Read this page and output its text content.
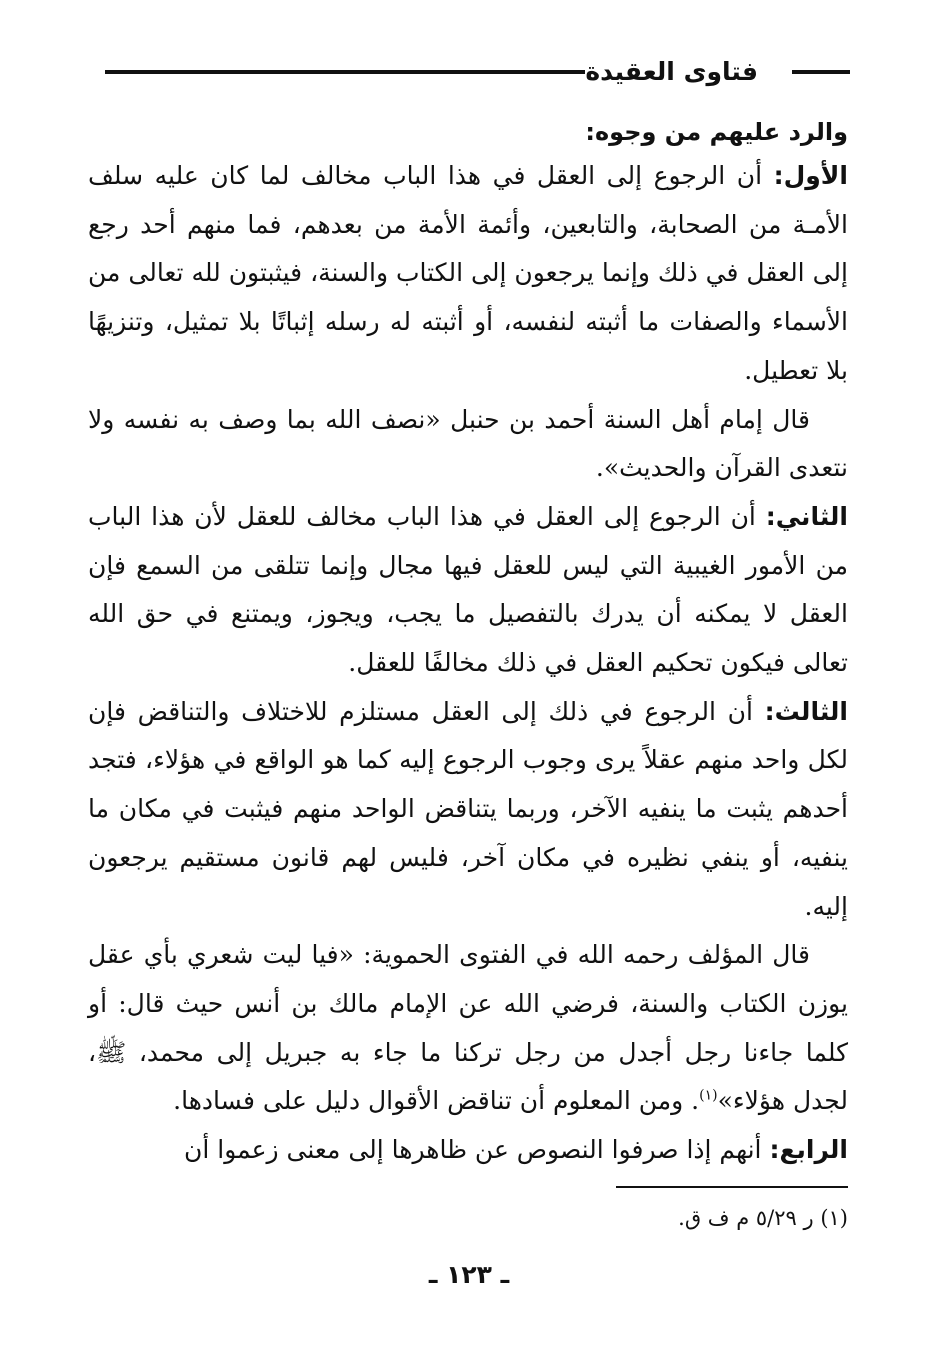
فتاوى العقيدة
والرد عليهم من وجوه:

الأول: أن الرجوع إلى العقل في هذا الباب مخالف لما كان عليه سلف الأمـة من الصحابة، والتابعين، وأئمة الأمة من بعدهم، فما منهم أحد رجع إلى العقل في ذلك وإنما يرجعون إلى الكتاب والسنة، فيثبتون لله تعالى من الأسماء والصفات ما أثبته لنفسه، أو أثبته له رسله إثباتًا بلا تمثيل، وتنزيهًا بلا تعطيل.

قال إمام أهل السنة أحمد بن حنبل «نصف الله بما وصف به نفسه ولا نتعدى القرآن والحديث».

الثاني: أن الرجوع إلى العقل في هذا الباب مخالف للعقل لأن هذا الباب من الأمور الغيبية التي ليس للعقل فيها مجال وإنما تتلقى من السمع فإن العقل لا يمكنه أن يدرك بالتفصيل ما يجب، ويجوز، ويمتنع في حق الله تعالى فيكون تحكيم العقل في ذلك مخالفًا للعقل.

الثالث: أن الرجوع في ذلك إلى العقل مستلزم للاختلاف والتناقض فإن لكل واحد منهم عقلاً يرى وجوب الرجوع إليه كما هو الواقع في هؤلاء، فتجد أحدهم يثبت ما ينفيه الآخر، وربما يتناقض الواحد منهم فيثبت في مكان ما ينفيه، أو ينفي نظيره في مكان آخر، فليس لهم قانون مستقيم يرجعون إليه.

قال المؤلف رحمه الله في الفتوى الحموية: «فيا ليت شعري بأي عقل يوزن الكتاب والسنة، فرضي الله عن الإمام مالك بن أنس حيث قال: أو كلما جاءنا رجل أجدل من رجل تركنا ما جاء به جبريل إلى محمد، ﷺ، لجدل هؤلاء»$^{(١)}$. ومن المعلوم أن تناقض الأقوال دليل على فسادها.

الرابع: أنهم إذا صرفوا النصوص عن ظاهرها إلى معنى زعموا أن

(١) ر ٥/٢٩ م ف ق.
ـ ١٢٣ ـ
